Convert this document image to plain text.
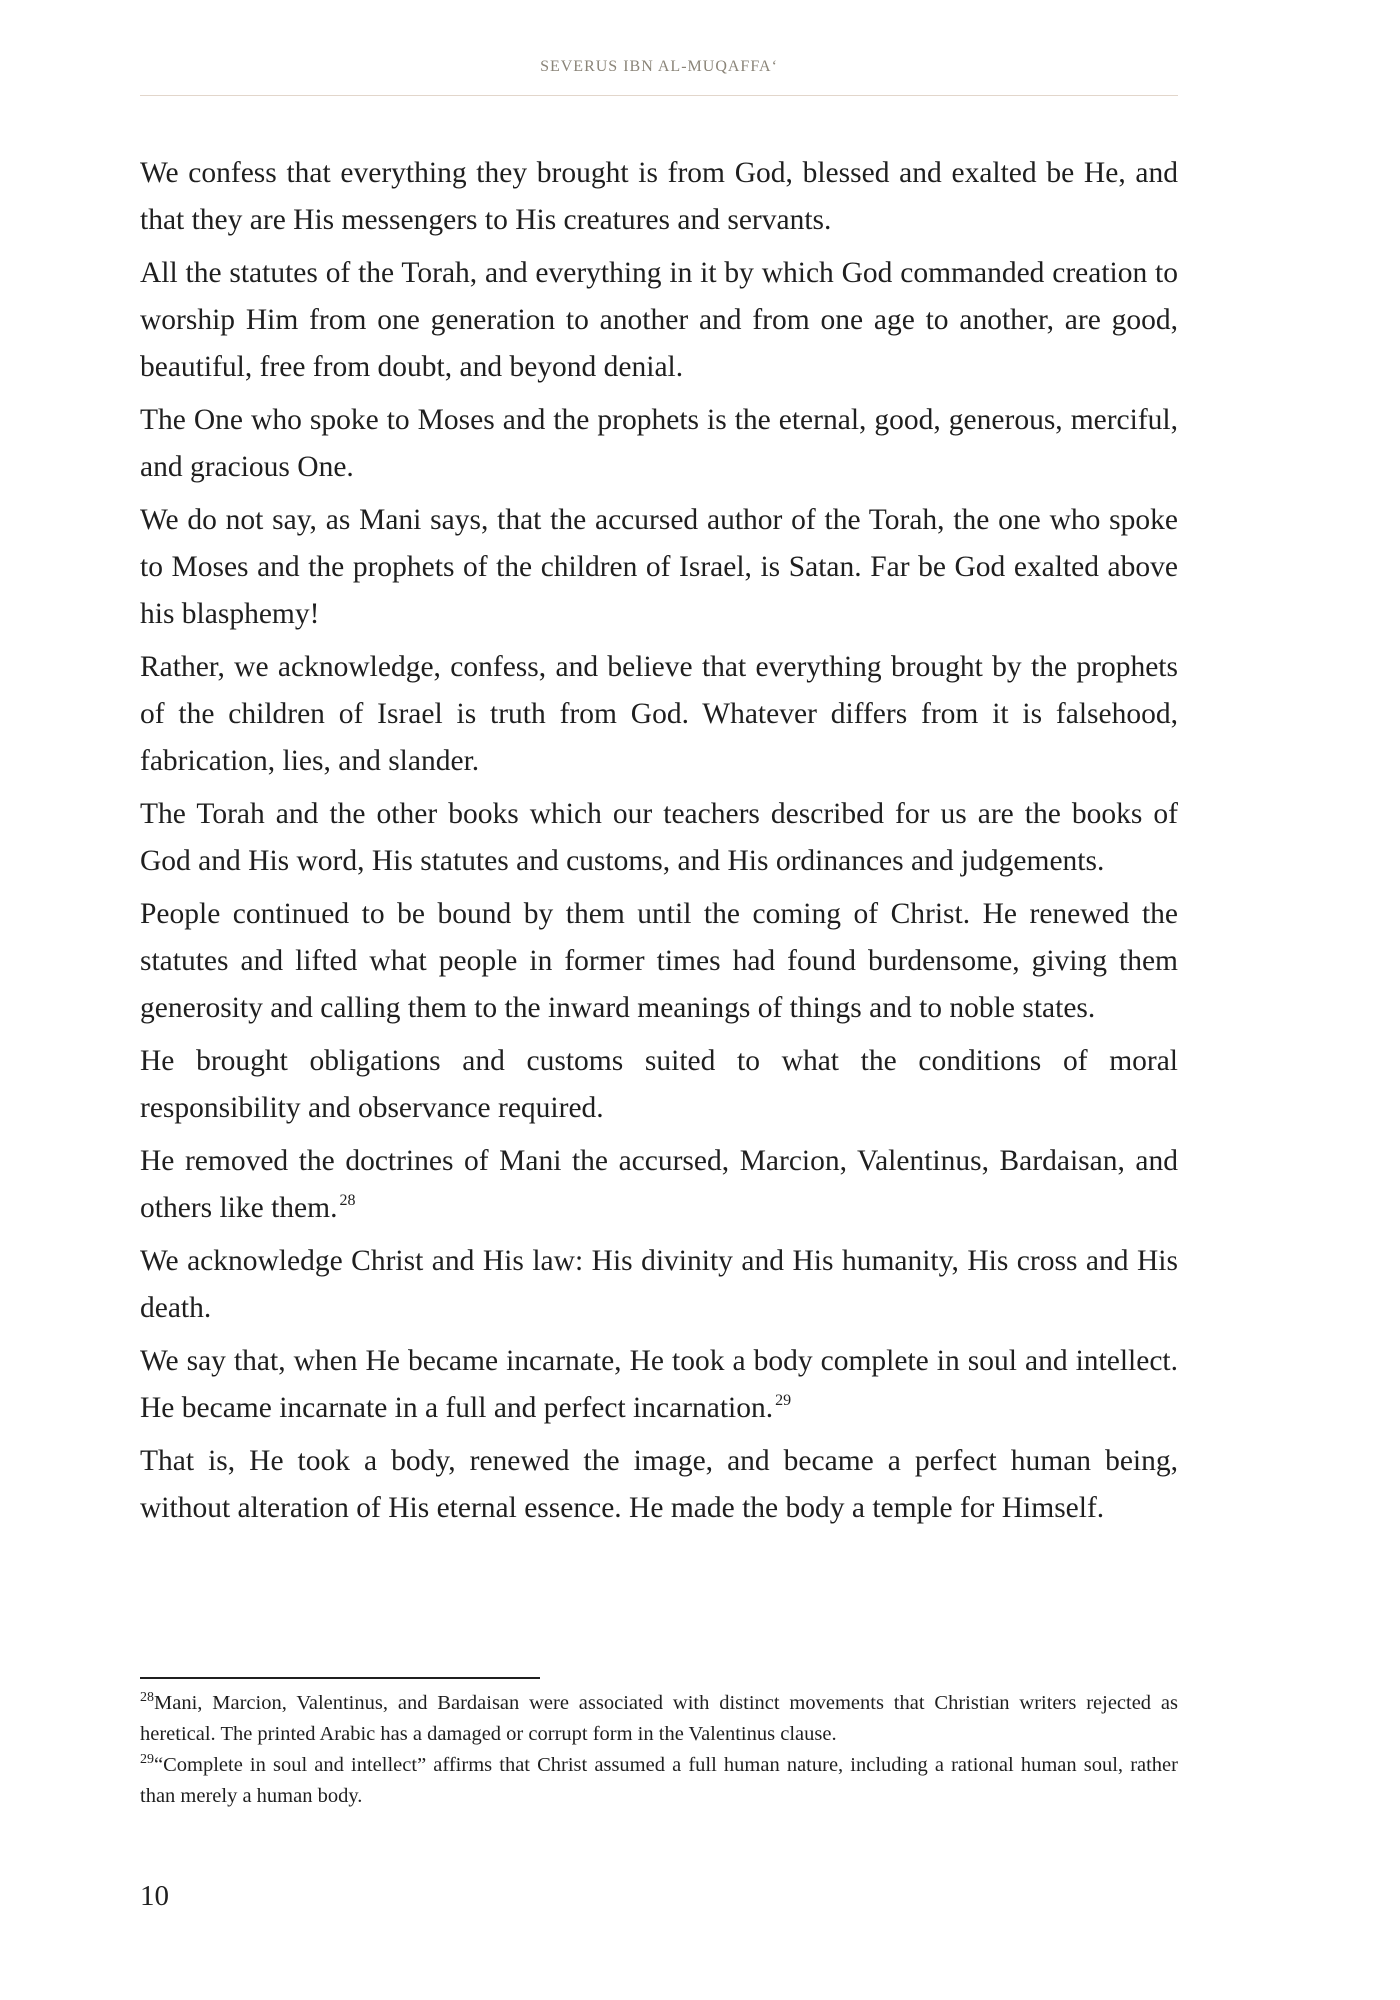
SEVERUS IBN AL-MUQAFFA‘

We confess that everything they brought is from God, blessed and exalted be He, and that they are His messengers to His creatures and servants.

All the statutes of the Torah, and everything in it by which God commanded creation to worship Him from one generation to another and from one age to another, are good, beautiful, free from doubt, and beyond denial.

The One who spoke to Moses and the prophets is the eternal, good, generous, merciful, and gracious One.

We do not say, as Mani says, that the accursed author of the Torah, the one who spoke to Moses and the prophets of the children of Israel, is Satan. Far be God exalted above his blasphemy!

Rather, we acknowledge, confess, and believe that everything brought by the prophets of the children of Israel is truth from God. Whatever differs from it is falsehood, fabrication, lies, and slander.

The Torah and the other books which our teachers described for us are the books of God and His word, His statutes and customs, and His ordinances and judgements.

People continued to be bound by them until the coming of Christ. He renewed the statutes and lifted what people in former times had found burdensome, giving them generosity and calling them to the inward meanings of things and to noble states.

He brought obligations and customs suited to what the conditions of moral responsibility and observance required.

He removed the doctrines of Mani the accursed, Marcion, Valentinus, Bardaisan, and others like them. $^{28}$

We acknowledge Christ and His law: His divinity and His humanity, His cross and His death.

We say that, when He became incarnate, He took a body complete in soul and intellect. He became incarnate in a full and perfect incarnation. $^{29}$

That is, He took a body, renewed the image, and became a perfect human being, without alteration of His eternal essence. He made the body a temple for Himself.

$^{28}$Mani, Marcion, Valentinus, and Bardaisan were associated with distinct movements that Christian writers rejected as heretical. The printed Arabic has a damaged or corrupt form in the Valentinus clause.

$^{29}$“Complete in soul and intellect” affirms that Christ assumed a full human nature, including a rational human soul, rather than merely a human body.

10
